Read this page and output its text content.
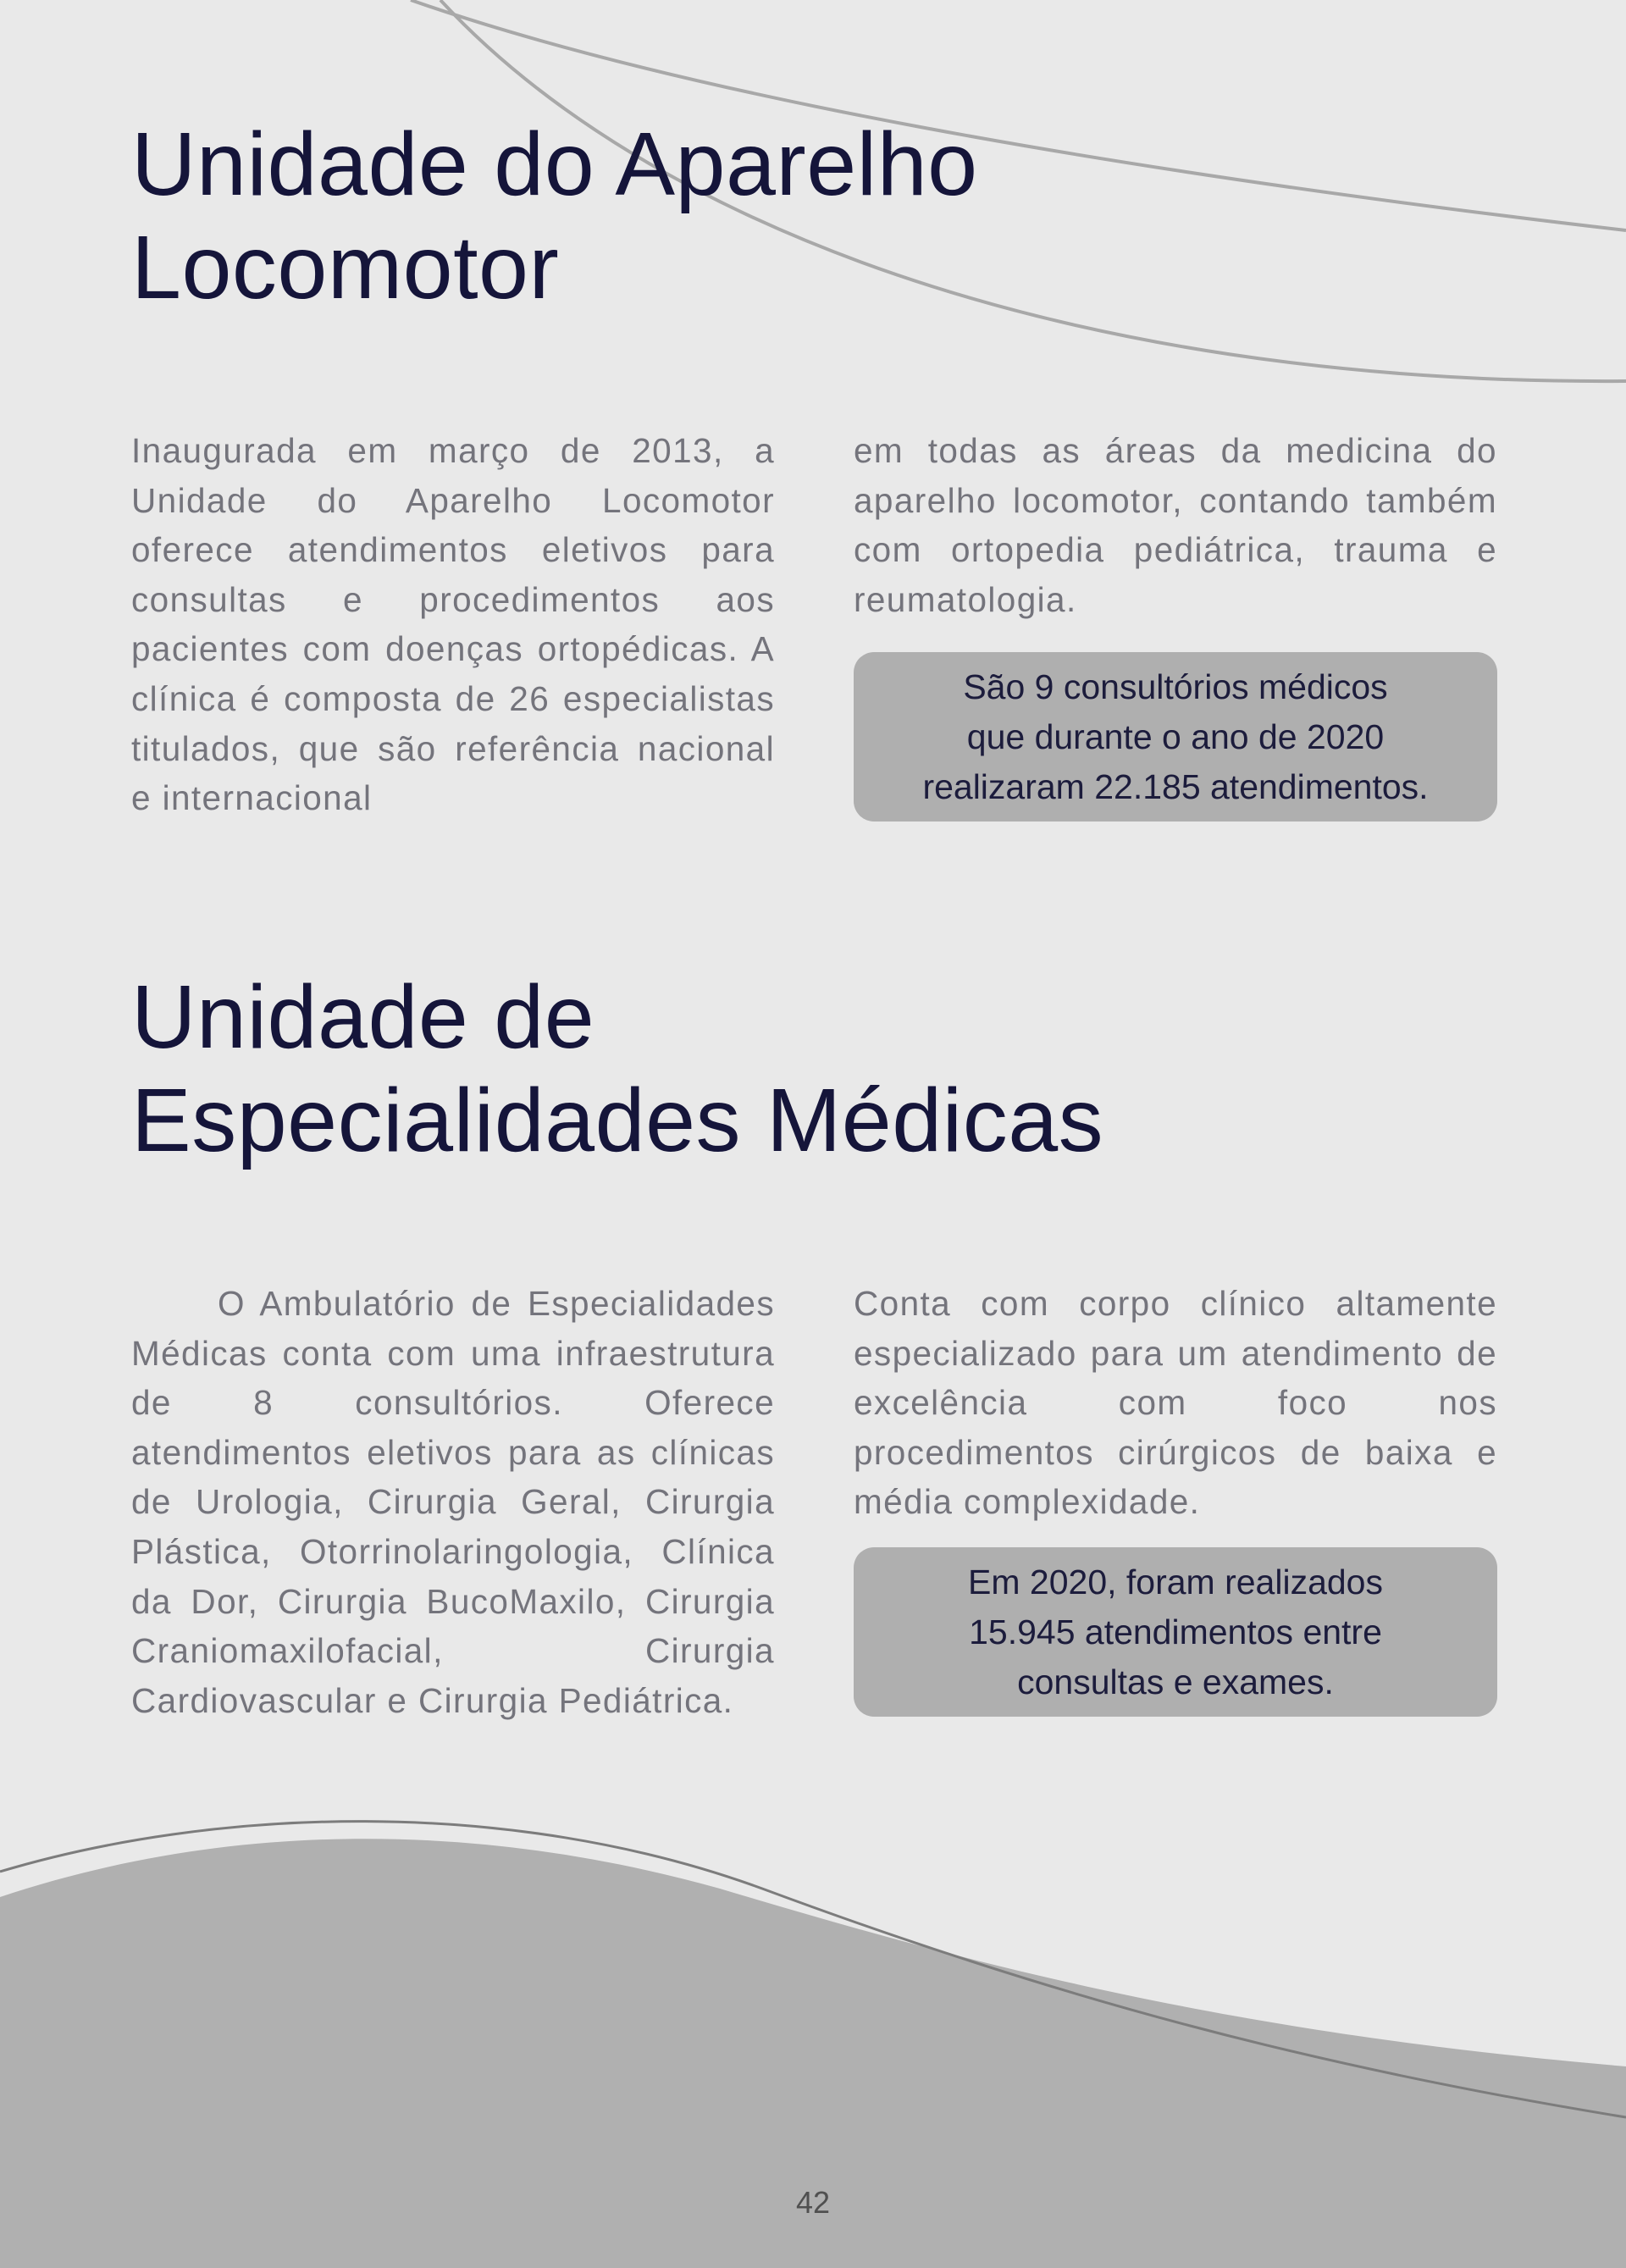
Unidade do Aparelho
Locomotor

Inaugurada em março de 2013, a Unidade do Aparelho Locomotor oferece atendimentos eletivos para consultas e procedimentos aos pacientes com doenças ortopédicas. A clínica é composta de 26 especialistas titulados, que são referência nacional e internacional

em todas as áreas da medicina do aparelho locomotor, contando também com ortopedia pediátrica, trauma e reumatologia.

São 9 consultórios médicos
que durante o ano de 2020
realizaram 22.185 atendimentos.
Unidade de
Especialidades Médicas

O Ambulatório de Especialidades Médicas conta com uma infraestrutura de 8 consultórios. Oferece atendimentos eletivos para as clínicas de Urologia, Cirurgia Geral, Cirurgia Plástica, Otorrinolaringologia, Clínica da Dor, Cirurgia BucoMaxilo, Cirurgia Craniomaxilofacial, Cirurgia Cardiovascular e Cirurgia Pediátrica.

Conta com corpo clínico altamente especializado para um atendimento de excelência com foco nos procedimentos cirúrgicos de baixa e média complexidade.

Em 2020, foram realizados
15.945 atendimentos entre
consultas e exames.
42
